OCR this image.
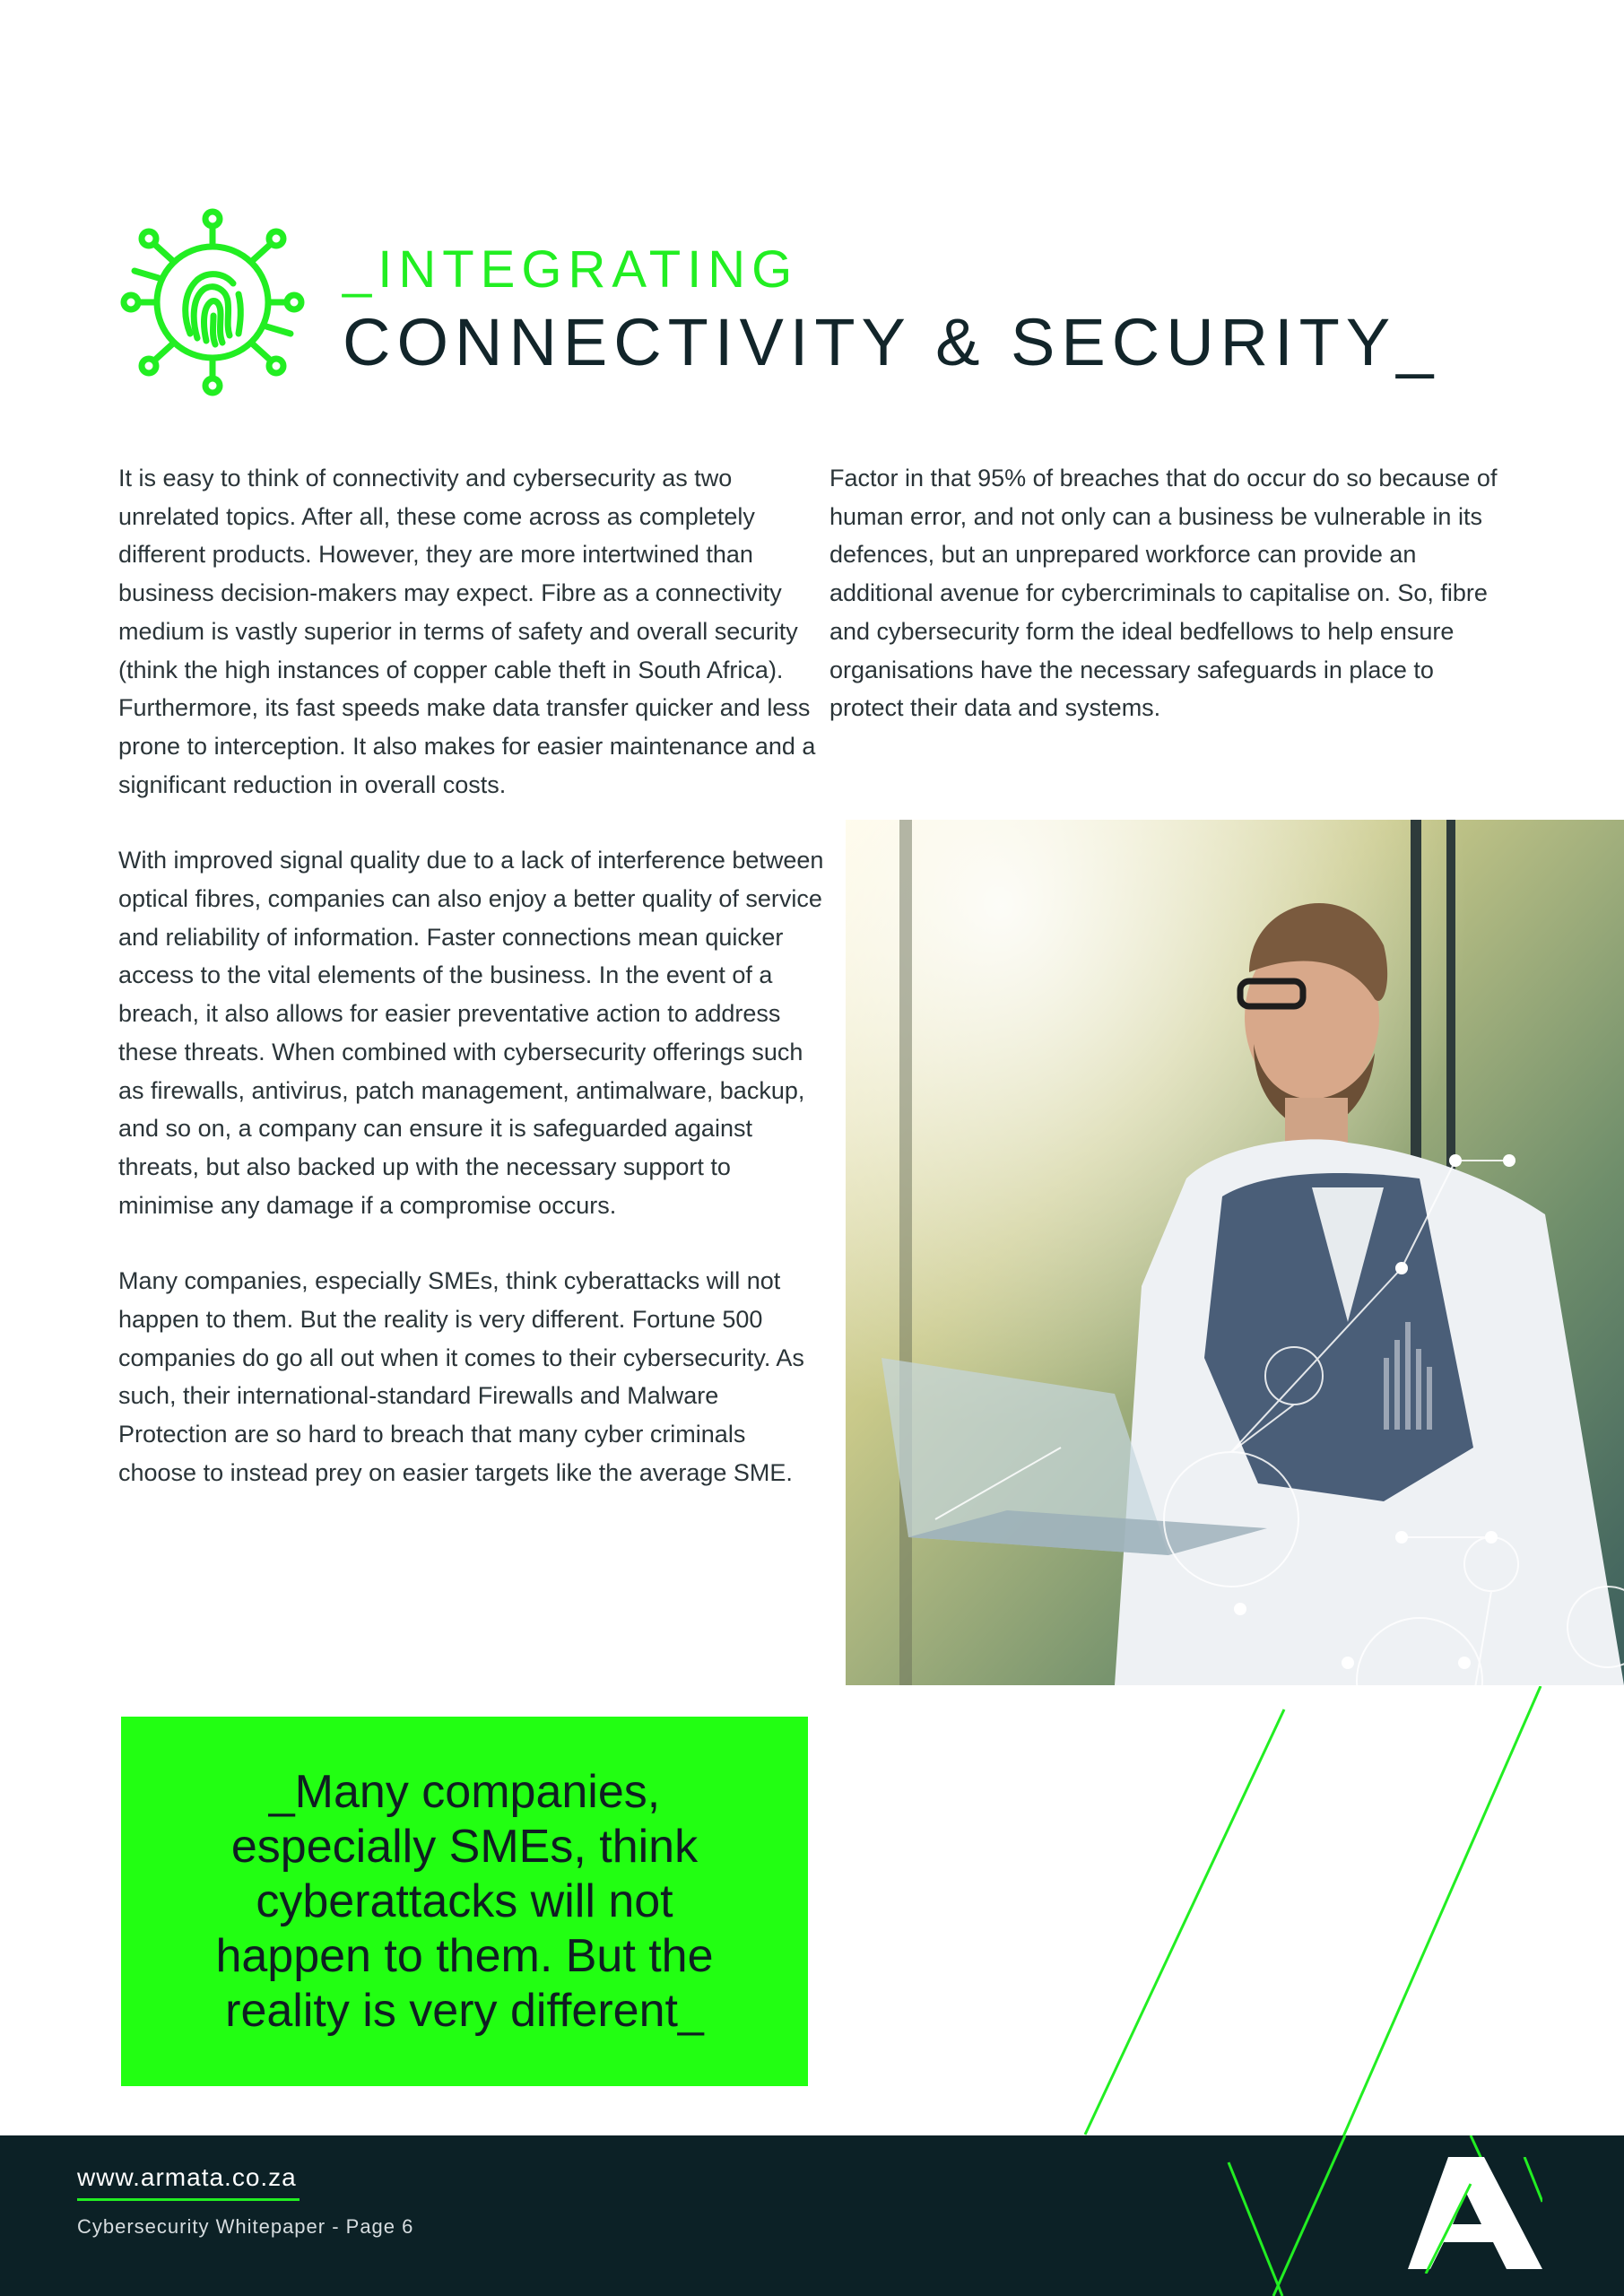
_INTEGRATING
CONNECTIVITY & SECURITY_

It is easy to think of connectivity and cybersecurity as two unrelated topics. After all, these come across as completely different products. However, they are more intertwined than business decision-makers may expect. Fibre as a connectivity medium is vastly superior in terms of safety and overall security (think the high instances of copper cable theft in South Africa). Furthermore, its fast speeds make data transfer quicker and less prone to interception. It also makes for easier maintenance and a significant reduction in overall costs.

With improved signal quality due to a lack of interference between optical fibres, companies can also enjoy a better quality of service and reliability of information. Faster connections mean quicker access to the vital elements of the business. In the event of a breach, it also allows for easier preventative action to address these threats. When combined with cybersecurity offerings such as firewalls, antivirus, patch management, antimalware, backup, and so on, a company can ensure it is safeguarded against threats, but also backed up with the necessary support to minimise any damage if a compromise occurs.

Many companies, especially SMEs, think cyberattacks will not happen to them. But the reality is very different. Fortune 500 companies do go all out when it comes to their cybersecurity. As such, their international-standard Firewalls and Malware Protection are so hard to breach that many cyber criminals choose to instead prey on easier targets like the average SME.

Factor in that 95% of breaches that do occur do so because of human error, and not only can a business be vulnerable in its defences, but an unprepared workforce can provide an additional avenue for cybercriminals to capitalise on. So, fibre and cybersecurity form the ideal bedfellows to help ensure organisations have the necessary safeguards in place to protect their data and systems.

_Many companies,
especially SMEs, think
cyberattacks will not
happen to them. But the
reality is very different_

www.armata.co.za
Cybersecurity Whitepaper - Page 6
